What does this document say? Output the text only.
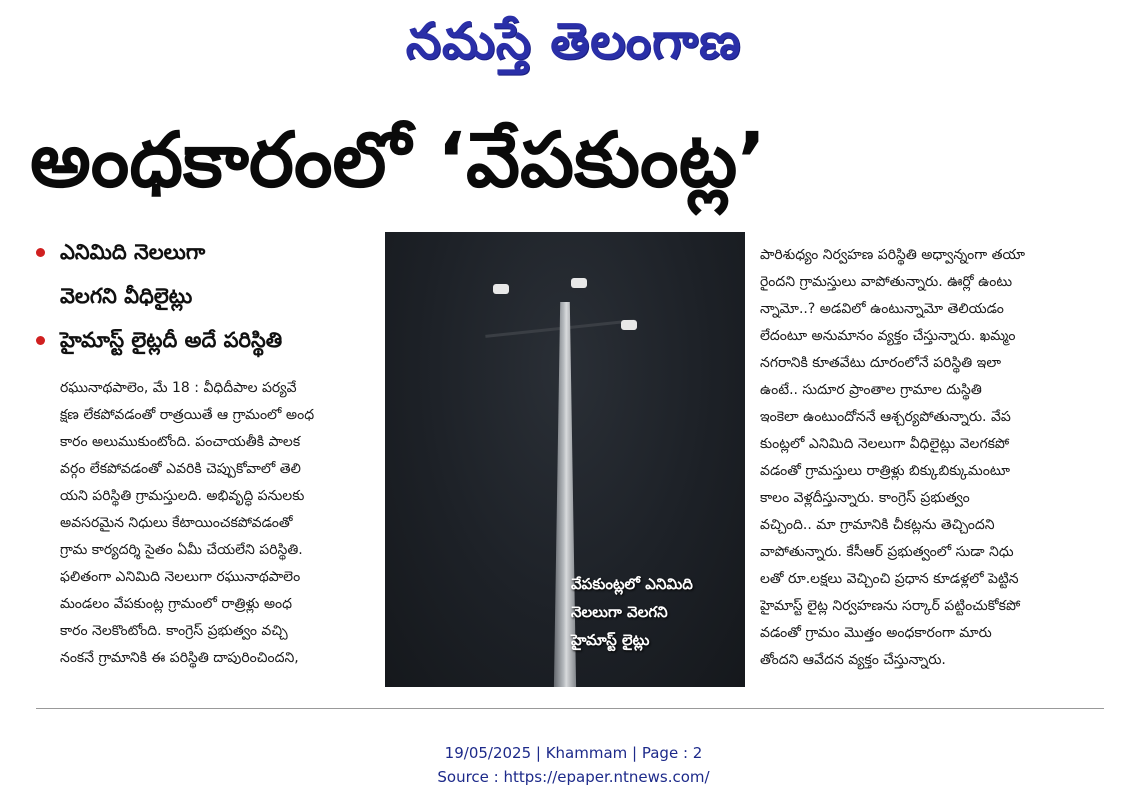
నమస్తే తెలంగాణ
అంధకారంలో ‘వేపకుంట్ల’
ఎనిమిది నెలలుగా
వెలగని వీధిలైట్లు
హైమాస్ట్ లైట్లదీ అదే పరిస్థితి

రఘునాథపాలెం, మే 18 : వీధిదీపాల పర్యవే

క్షణ లేకపోవడంతో రాత్రయితే ఆ గ్రామంలో అంధ

కారం అలుముకుంటోంది. పంచాయతీకి పాలక

వర్గం లేకపోవడంతో ఎవరికి చెప్పుకోవాలో తెలి

యని పరిస్థితి గ్రామస్తులది. అభివృద్ధి పనులకు

అవసరమైన నిధులు కేటాయించకపోవడంతో

గ్రామ కార్యదర్శి సైతం ఏమీ చేయలేని పరిస్థితి.

ఫలితంగా ఎనిమిది నెలలుగా రఘునాథపాలెం

మండలం వేపకుంట్ల గ్రామంలో రాత్రిళ్లు అంధ

కారం నెలకొంటోంది. కాంగ్రెస్ ప్రభుత్వం వచ్చి

నంకనే గ్రామానికి ఈ పరిస్థితి దాపురించిందని,

వేపకుంట్లలో ఎనిమిది

నెలలుగా వెలగని

హైమాస్ట్ లైట్లు

పారిశుధ్యం నిర్వహణ పరిస్థితి అధ్వాన్నంగా తయా

రైందని గ్రామస్తులు వాపోతున్నారు. ఊర్లో ఉంటు

న్నామో..? అడవిలో ఉంటున్నామో తెలియడం

లేదంటూ అనుమానం వ్యక్తం చేస్తున్నారు. ఖమ్మం

నగరానికి కూతవేటు దూరంలోనే పరిస్థితి ఇలా

ఉంటే.. సుదూర ప్రాంతాల గ్రామాల దుస్థితి

ఇంకెలా ఉంటుందోననే ఆశ్చర్యపోతున్నారు. వేప

కుంట్లలో ఎనిమిది నెలలుగా వీధిలైట్లు వెలగకపో

వడంతో గ్రామస్తులు రాత్రిళ్లు బిక్కుబిక్కుమంటూ

కాలం వెళ్లదీస్తున్నారు. కాంగ్రెస్ ప్రభుత్వం

వచ్చింది.. మా గ్రామానికి చీకట్లను తెచ్చిందని

వాపోతున్నారు. కేసీఆర్ ప్రభుత్వంలో సుడా నిధు

లతో రూ.లక్షలు వెచ్చించి ప్రధాన కూడళ్లలో పెట్టిన

హైమాస్ట్ లైట్ల నిర్వహణను సర్కార్ పట్టించుకోకపో

వడంతో గ్రామం మొత్తం అంధకారంగా మారు

తోందని ఆవేదన వ్యక్తం చేస్తున్నారు.

19/05/2025 | Khammam | Page : 2
Source : https://epaper.ntnews.com/
